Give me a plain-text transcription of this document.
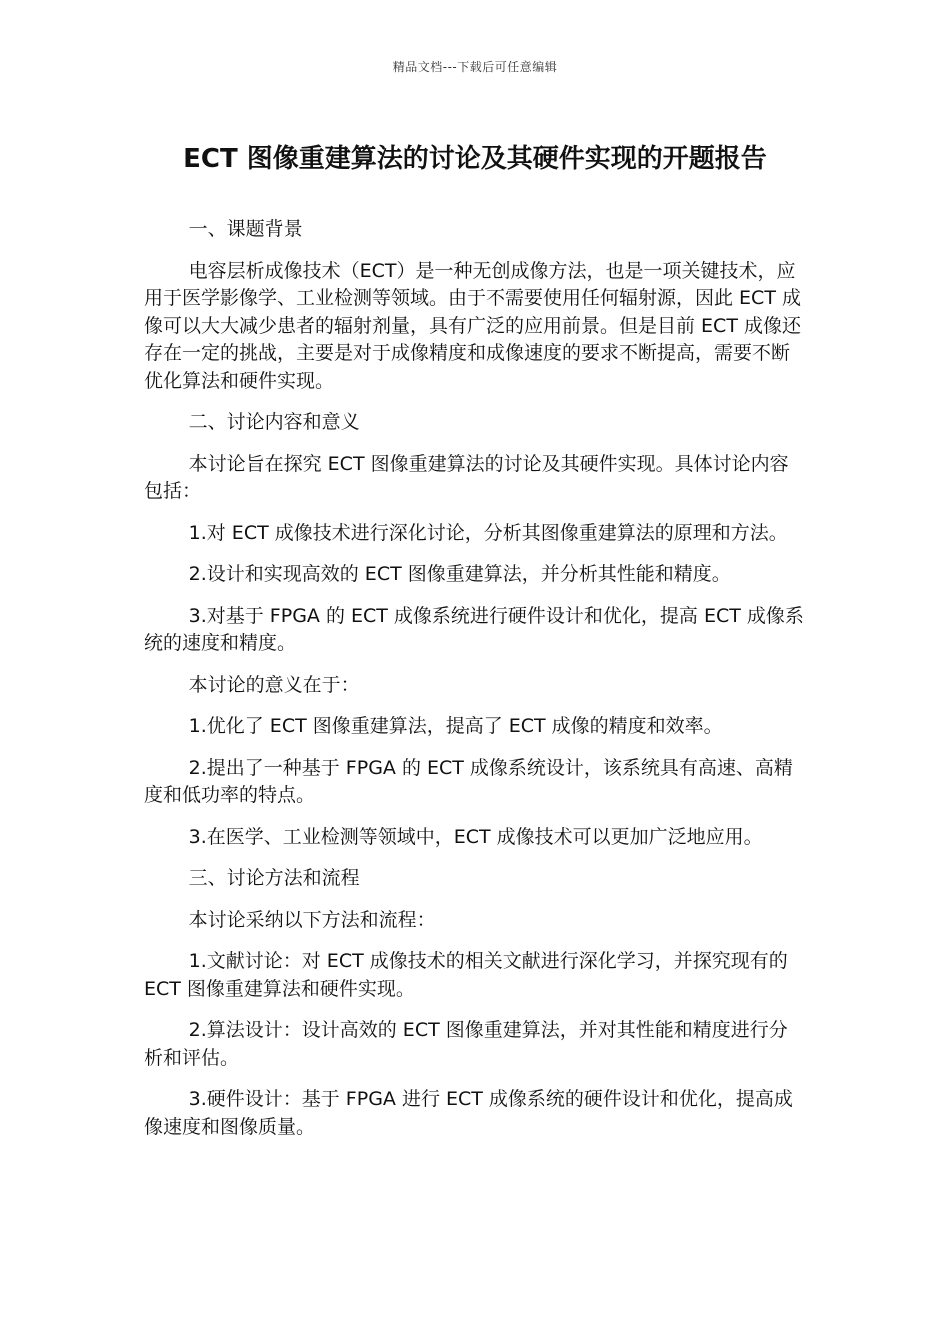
精品文档---下载后可任意编辑
ECT 图像重建算法的讨论及其硬件实现的开题报告

一、课题背景

电容层析成像技术（ECT）是一种无创成像方法，也是一项关键技术，应用于医学影像学、工业检测等领域。由于不需要使用任何辐射源，因此 ECT 成像可以大大减少患者的辐射剂量，具有广泛的应用前景。但是目前 ECT 成像还存在一定的挑战，主要是对于成像精度和成像速度的要求不断提高，需要不断优化算法和硬件实现。

二、讨论内容和意义

本讨论旨在探究 ECT 图像重建算法的讨论及其硬件实现。具体讨论内容包括：

1.对 ECT 成像技术进行深化讨论，分析其图像重建算法的原理和方法。

2.设计和实现高效的 ECT 图像重建算法，并分析其性能和精度。

3.对基于 FPGA 的 ECT 成像系统进行硬件设计和优化，提高 ECT 成像系统的速度和精度。

本讨论的意义在于：

1.优化了 ECT 图像重建算法，提高了 ECT 成像的精度和效率。

2.提出了一种基于 FPGA 的 ECT 成像系统设计，该系统具有高速、高精度和低功率的特点。

3.在医学、工业检测等领域中，ECT 成像技术可以更加广泛地应用。

三、讨论方法和流程

本讨论采纳以下方法和流程：

1.文献讨论：对 ECT 成像技术的相关文献进行深化学习，并探究现有的 ECT 图像重建算法和硬件实现。

2.算法设计：设计高效的 ECT 图像重建算法，并对其性能和精度进行分析和评估。

3.硬件设计：基于 FPGA 进行 ECT 成像系统的硬件设计和优化，提高成像速度和图像质量。
